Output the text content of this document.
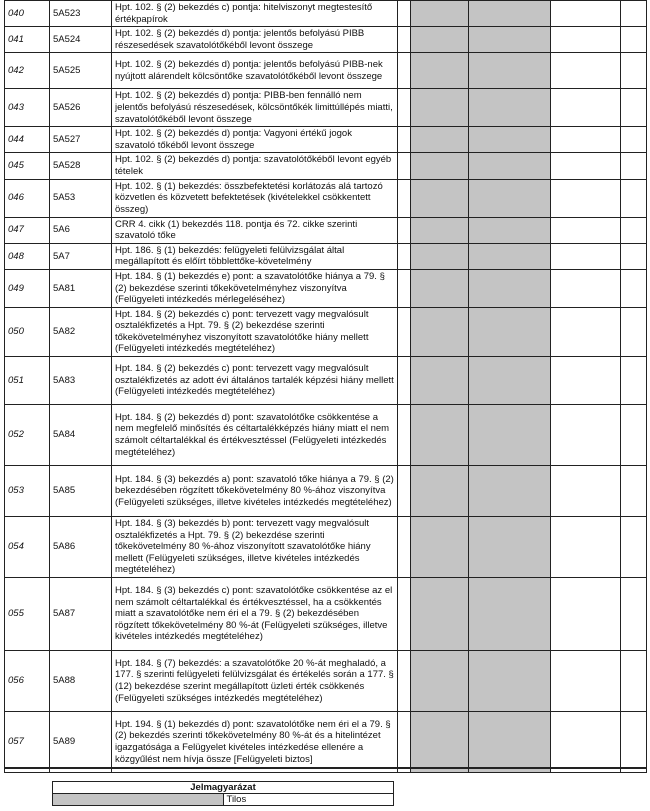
040	5A523	Hpt. 102. § (2) bekezdés c) pontja: hitelviszonyt megtestesítő értékpapírok					
041	5A524	Hpt. 102. § (2) bekezdés d) pontja: jelentős befolyású PIBB részesedések szavatolótőkéből levont összege					
042	5A525	Hpt. 102. § (2) bekezdés d) pontja: jelentős befolyású PIBB-nek nyújtott alárendelt kölcsöntőke szavatolótőkéből levont összege					
043	5A526	Hpt. 102. § (2) bekezdés d) pontja: PIBB-ben fennálló nem jelentős befolyású részesedések, kölcsöntőkék limittúllépés miatti, szavatolótőkéből levont összege					
044	5A527	Hpt. 102. § (2) bekezdés d) pontja: Vagyoni értékű jogok szavatoló tőkéből levont összege					
045	5A528	Hpt. 102. § (2) bekezdés d) pontja: szavatolótőkéből levont egyéb tételek					
046	5A53	Hpt. 102. § (1) bekezdés: összbefektetési korlátozás alá tartozó közvetlen és közvetett befektetések (kivételekkel csökkentett összeg)					
047	5A6	CRR 4. cikk (1) bekezdés 118. pontja és 72. cikke szerinti szavatoló tőke					
048	5A7	Hpt. 186. § (1) bekezdés: felügyeleti felülvizsgálat által megállapított és előírt többlettőke-követelmény					
049	5A81	Hpt. 184. § (1) bekezdés e) pont: a szavatolótőke hiánya a 79. § (2) bekezdése szerinti tőkekövetelményhez viszonyítva (Felügyeleti intézkedés mérlegeléséhez)					
050	5A82	Hpt. 184. § (2) bekezdés c) pont: tervezett vagy megvalósult osztalékfizetés a Hpt. 79. § (2) bekezdése szerinti tőkekövetelményhez viszonyított szavatolótőke hiány mellett (Felügyeleti intézkedés megtételéhez)					
051	5A83	Hpt. 184. § (2) bekezdés c) pont: tervezett vagy megvalósult osztalékfizetés az adott évi általános tartalék képzési hiány mellett (Felügyeleti intézkedés megtételéhez)					
052	5A84	Hpt. 184. § (2) bekezdés d) pont: szavatolótőke csökkentése a nem megfelelő minősítés és céltartalékképzés hiány miatt el nem számolt céltartalékkal és értékvesztéssel (Felügyeleti intézkedés megtételéhez)					
053	5A85	Hpt. 184. § (3) bekezdés a) pont: szavatoló tőke hiánya a 79. § (2) bekezdésében rögzített tőkekövetelmény 80 %-ához viszonyítva (Felügyeleti szükséges, illetve kivételes intézkedés megtételéhez)					
054	5A86	Hpt. 184. § (3) bekezdés b) pont: tervezett vagy megvalósult osztalékfizetés a Hpt. 79. § (2) bekezdése szerinti tőkekövetelmény 80 %-ához viszonyított szavatolótőke hiány mellett (Felügyeleti szükséges, illetve kivételes intézkedés megtételéhez)					
055	5A87	Hpt. 184. § (3) bekezdés c) pont: szavatolótőke csökkentése az el nem számolt céltartalékkal és értékvesztéssel, ha a csökkentés miatt a szavatolótőke nem éri el a 79. § (2) bekezdésében rögzített tőkekövetelmény 80 %-át (Felügyeleti szükséges, illetve kivételes intézkedés megtételéhez)					
056	5A88	Hpt. 184. § (7) bekezdés: a szavatolótőke 20 %-át meghaladó, a 177. § szerinti felügyeleti felülvizsgálat és értékelés során a 177. § (12) bekezdése szerint megállapított üzleti érték csökkenés (Felügyeleti szükséges intézkedés megtételéhez)					
057	5A89	Hpt. 194. § (1) bekezdés d) pont: szavatolótőke nem éri el a 79. § (2) bekezdés szerinti tőkekövetelmény 80 %-át és a hitelintézet igazgatósága a Felügyelet kivételes intézkedése ellenére a közgyűlést nem hívja össze [Felügyeleti biztos]					
Jelmagyarázat
	Tilos
